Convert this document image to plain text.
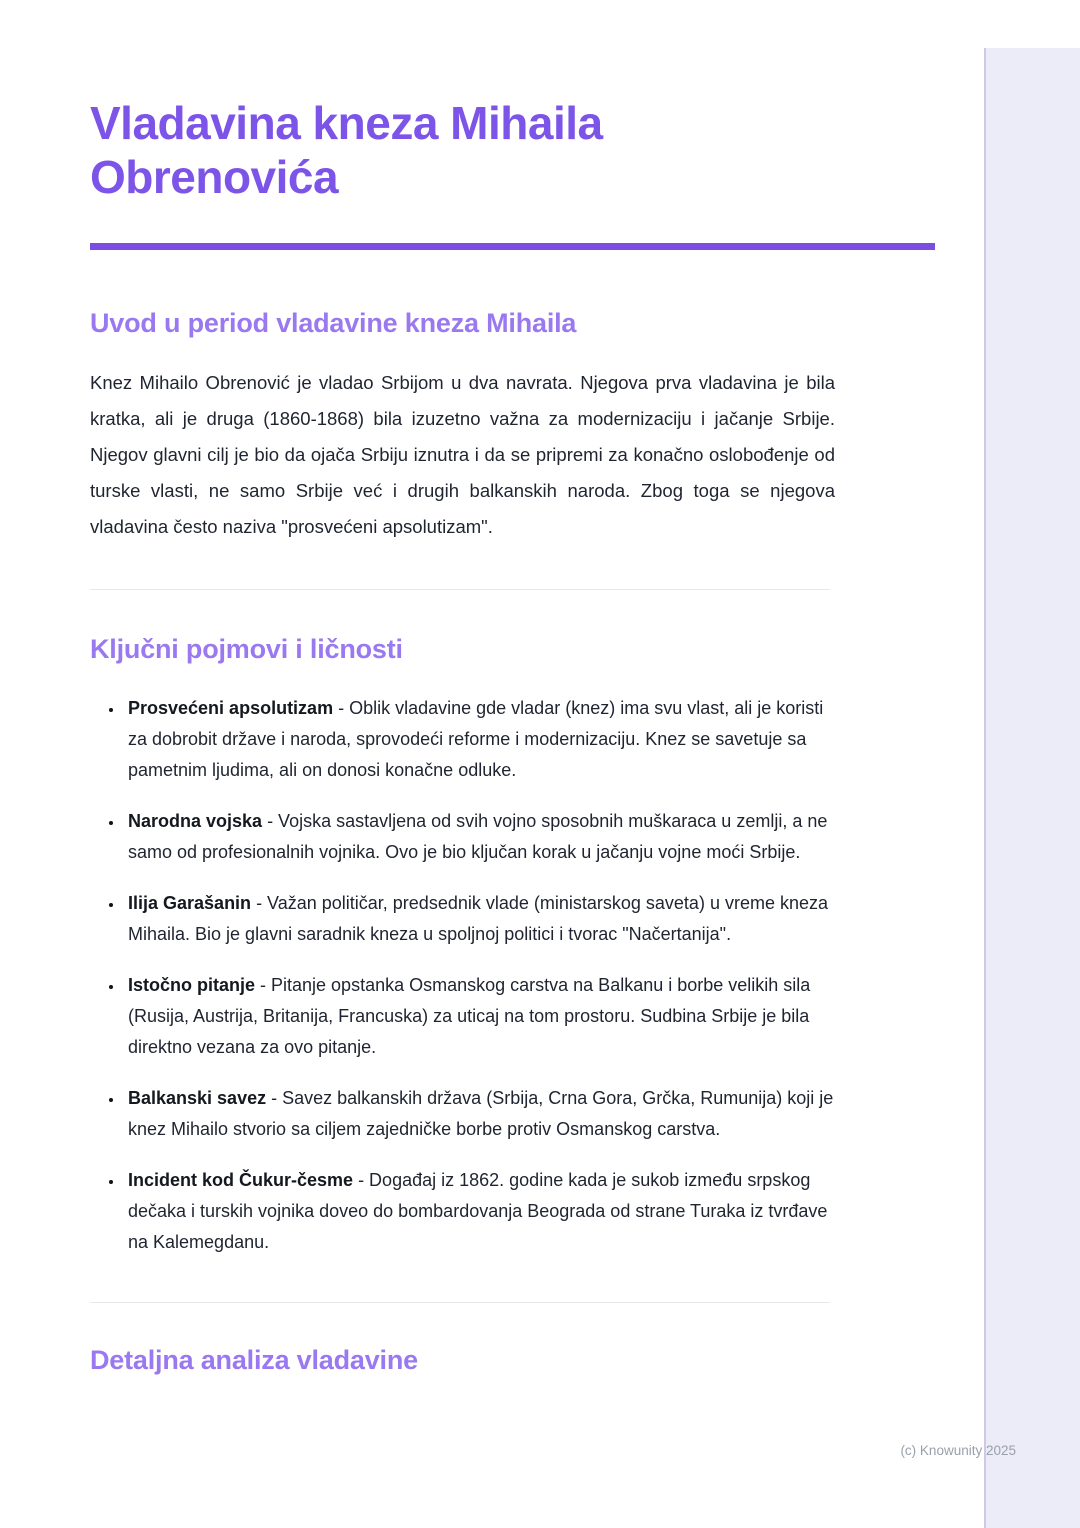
Vladavina kneza Mihaila Obrenovića
Uvod u period vladavine kneza Mihaila

Knez Mihailo Obrenović je vladao Srbijom u dva navrata. Njegova prva vladavina je bila kratka, ali je druga (1860-1868) bila izuzetno važna za modernizaciju i jačanje Srbije. Njegov glavni cilj je bio da ojača Srbiju iznutra i da se pripremi za konačno oslobođenje od turske vlasti, ne samo Srbije već i drugih balkanskih naroda. Zbog toga se njegova vladavina često naziva "prosvećeni apsolutizam".

Ključni pojmovi i ličnosti
• Prosvećeni apsolutizam - Oblik vladavine gde vladar (knez) ima svu vlast, ali je koristi za dobrobit države i naroda, sprovodeći reforme i modernizaciju. Knez se savetuje sa pametnim ljudima, ali on donosi konačne odluke.
• Narodna vojska - Vojska sastavljena od svih vojno sposobnih muškaraca u zemlji, a ne samo od profesionalnih vojnika. Ovo je bio ključan korak u jačanju vojne moći Srbije.
• Ilija Garašanin - Važan političar, predsednik vlade (ministarskog saveta) u vreme kneza Mihaila. Bio je glavni saradnik kneza u spoljnoj politici i tvorac "Načertanija".
• Istočno pitanje - Pitanje opstanka Osmanskog carstva na Balkanu i borbe velikih sila (Rusija, Austrija, Britanija, Francuska) za uticaj na tom prostoru. Sudbina Srbije je bila direktno vezana za ovo pitanje.
• Balkanski savez - Savez balkanskih država (Srbija, Crna Gora, Grčka, Rumunija) koji je knez Mihailo stvorio sa ciljem zajedničke borbe protiv Osmanskog carstva.
• Incident kod Čukur-česme - Događaj iz 1862. godine kada je sukob između srpskog dečaka i turskih vojnika doveo do bombardovanja Beograda od strane Turaka iz tvrđave na Kalemegdanu.
Detaljna analiza vladavine
(c) Knowunity 2025
